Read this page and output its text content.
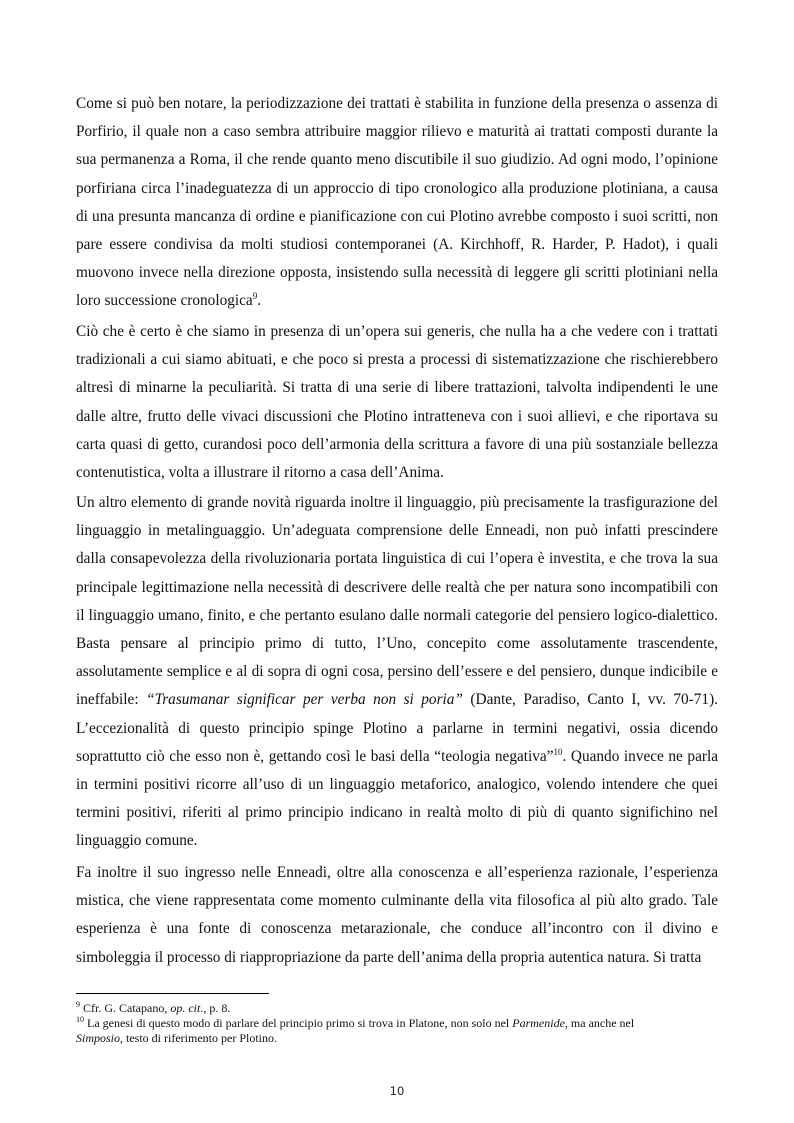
Come si può ben notare, la periodizzazione dei trattati è stabilita in funzione della presenza o assenza di Porfirio, il quale non a caso sembra attribuire maggior rilievo e maturità ai trattati composti durante la sua permanenza a Roma, il che rende quanto meno discutibile il suo giudizio. Ad ogni modo, l’opinione porfiriana circa l’inadeguatezza di un approccio di tipo cronologico alla produzione plotiniana, a causa di una presunta mancanza di ordine e pianificazione con cui Plotino avrebbe composto i suoi scritti, non pare essere condivisa da molti studiosi contemporanei (A. Kirchhoff, R. Harder, P. Hadot), i quali muovono invece nella direzione opposta, insistendo sulla necessità di leggere gli scritti plotiniani nella loro successione cronologica$^9$.

Ciò che è certo è che siamo in presenza di un’opera sui generis, che nulla ha a che vedere con i trattati tradizionali a cui siamo abituati, e che poco si presta a processi di sistematizzazione che rischierebbero altresì di minarne la peculiarità. Si tratta di una serie di libere trattazioni, talvolta indipendenti le une dalle altre, frutto delle vivaci discussioni che Plotino intratteneva con i suoi allievi, e che riportava su carta quasi di getto, curandosi poco dell’armonia della scrittura a favore di una più sostanziale bellezza contenutistica, volta a illustrare il ritorno a casa dell’Anima.

Un altro elemento di grande novità riguarda inoltre il linguaggio, più precisamente la trasfigurazione del linguaggio in metalinguaggio. Un’adeguata comprensione delle Enneadi, non può infatti prescindere dalla consapevolezza della rivoluzionaria portata linguistica di cui l’opera è investita, e che trova la sua principale legittimazione nella necessità di descrivere delle realtà che per natura sono incompatibili con il linguaggio umano, finito, e che pertanto esulano dalle normali categorie del pensiero logico-dialettico. Basta pensare al principio primo di tutto, l’Uno, concepito come assolutamente trascendente, assolutamente semplice e al di sopra di ogni cosa, persino dell’essere e del pensiero, dunque indicibile e ineffabile: “Trasumanar significar per verba non si poria” (Dante, Paradiso, Canto I, vv. 70-71). L’eccezionalità di questo principio spinge Plotino a parlarne in termini negativi, ossia dicendo soprattutto ciò che esso non è, gettando così le basi della “teologia negativa”$^{10}$. Quando invece ne parla in termini positivi ricorre all’uso di un linguaggio metaforico, analogico, volendo intendere che quei termini positivi, riferiti al primo principio indicano in realtà molto di più di quanto significhino nel linguaggio comune.

Fa inoltre il suo ingresso nelle Enneadi, oltre alla conoscenza e all’esperienza razionale, l’esperienza mistica, che viene rappresentata come momento culminante della vita filosofica al più alto grado. Tale esperienza è una fonte di conoscenza metarazionale, che conduce all’incontro con il divino e simboleggia il processo di riappropriazione da parte dell’anima della propria autentica natura. Si tratta

$^9$ Cfr. G. Catapano, op. cit., p. 8.

$^{10}$ La genesi di questo modo di parlare del principio primo si trova in Platone, non solo nel Parmenide, ma anche nel
Simposio, testo di riferimento per Plotino.

10
